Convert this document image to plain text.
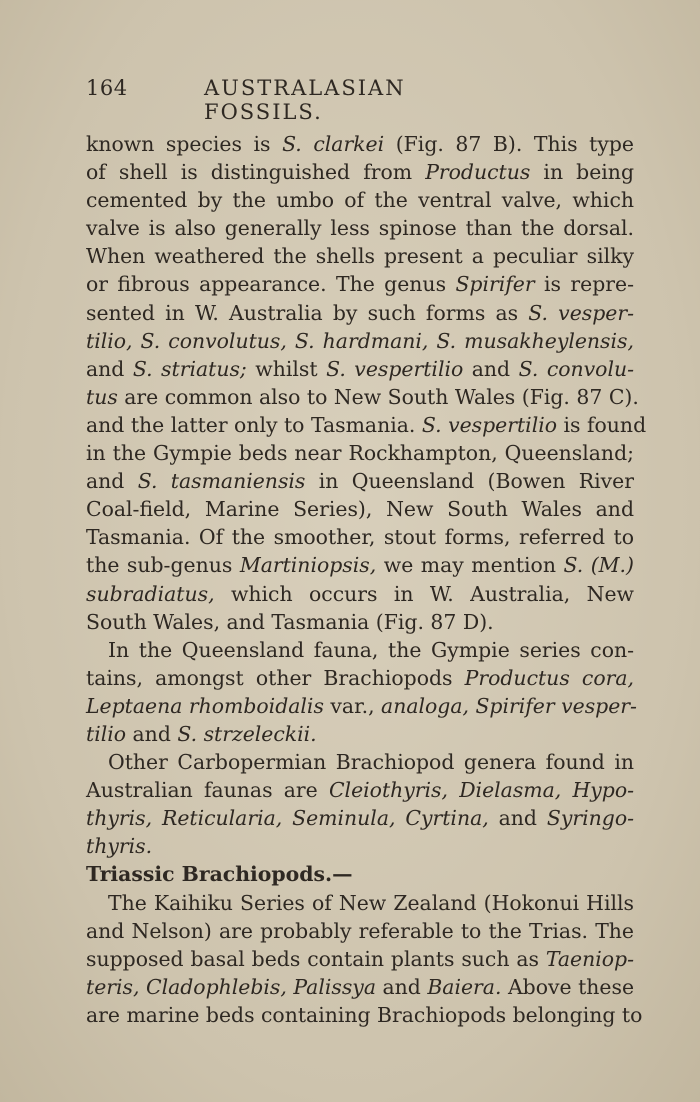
164	AUSTRALASIAN FOSSILS.
known species is S. clarkei (Fig. 87 B). This type
of shell is distinguished from Productus in being
cemented by the umbo of the ventral valve, which
valve is also generally less spinose than the dorsal.
When weathered the shells present a peculiar silky
or fibrous appearance. The genus Spirifer is repre-
sented in W. Australia by such forms as S. vesper-
tilio, S. convolutus, S. hardmani, S. musakheylensis,
and S. striatus; whilst S. vespertilio and S. convolu-
tus are common also to New South Wales (Fig. 87 C).
and the latter only to Tasmania. S. vespertilio is found
in the Gympie beds near Rockhampton, Queensland;
and S. tasmaniensis in Queensland (Bowen River
Coal-field, Marine Series), New South Wales and
Tasmania. Of the smoother, stout forms, referred to
the sub-genus Martiniopsis, we may mention S. (M.)
subradiatus, which occurs in W. Australia, New
South Wales, and Tasmania (Fig. 87 D).
In the Queensland fauna, the Gympie series con-
tains, amongst other Brachiopods Productus cora,
Leptaena rhomboidalis var., analoga, Spirifer vesper-
tilio and S. strzeleckii.
Other Carbopermian Brachiopod genera found in
Australian faunas are Cleiothyris, Dielasma, Hypo-
thyris, Reticularia, Seminula, Cyrtina, and Syringo-
thyris.
Triassic Brachiopods.—
The Kaihiku Series of New Zealand (Hokonui Hills
and Nelson) are probably referable to the Trias. The
supposed basal beds contain plants such as Taeniop-
teris, Cladophlebis, Palissya and Baiera. Above these
are marine beds containing Brachiopods belonging to
